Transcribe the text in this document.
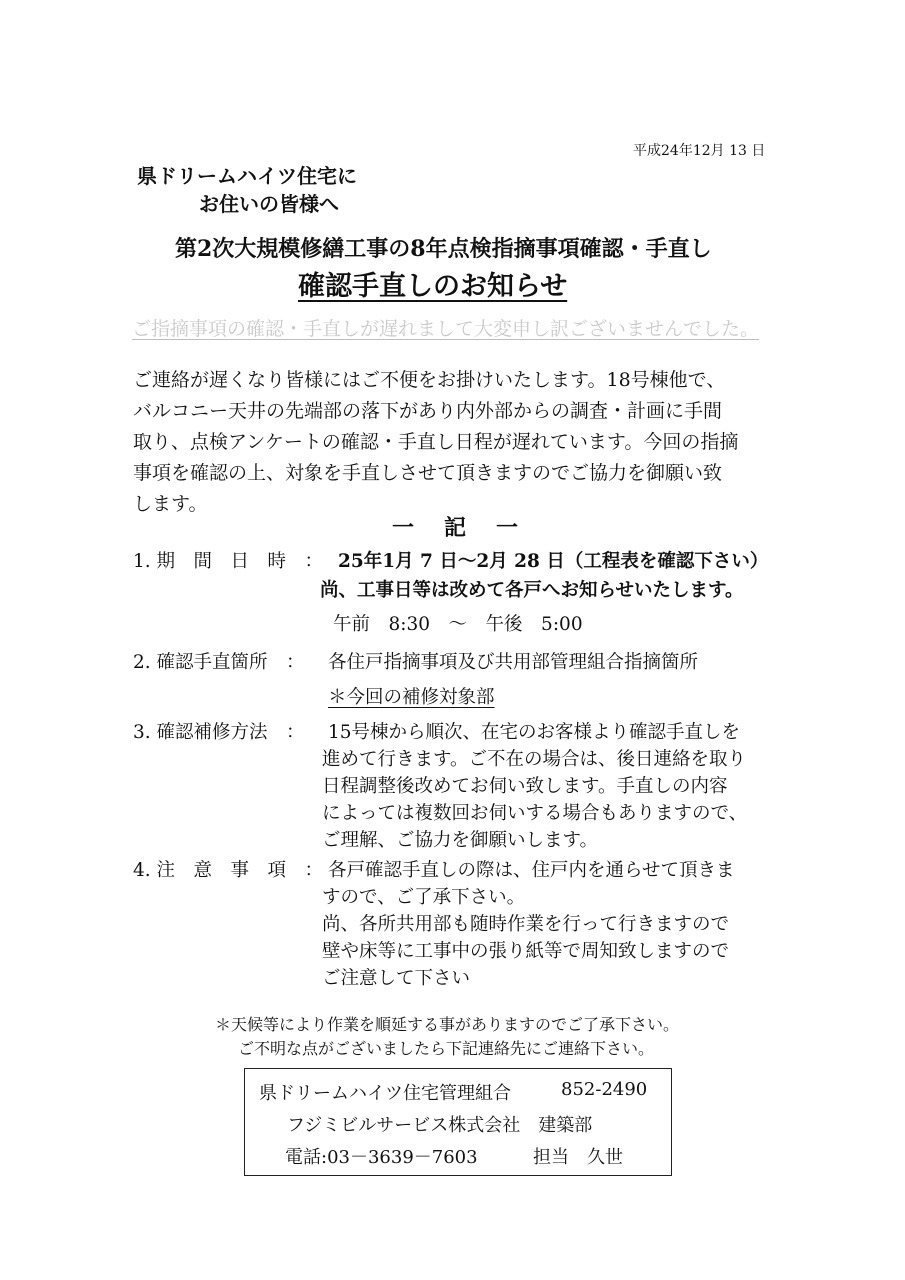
平成24年12月 13 日
県ドリームハイツ住宅に
お住いの皆様へ
第2次大規模修繕工事の8年点検指摘事項確認・手直し
確認手直しのお知らせ
ご指摘事項の確認・手直しが遅れまして大変申し訳ございませんでした。
ご連絡が遅くなり皆様にはご不便をお掛けいたします。18号棟他で、
バルコニー天井の先端部の落下があり内外部からの調査・計画に手間
取り、点検アンケートの確認・手直し日程が遅れています。今回の指摘
事項を確認の上、対象を手直しさせて頂きますのでご協力を御願い致
します。
一　記　一
1. 期　間　日　時　： 25年1月 7 日～2月 28 日（工程表を確認下さい）
尚、工事日等は改めて各戸へお知らせいたします。
午前　8:30　～　午後　5:00
2. 確認手直箇所　： 各住戸指摘事項及び共用部管理組合指摘箇所
＊今回の補修対象部
3. 確認補修方法　： 15号棟から順次、在宅のお客様より確認手直しを
進めて行きます。ご不在の場合は、後日連絡を取り
日程調整後改めてお伺い致します。手直しの内容
によっては複数回お伺いする場合もありますので、
ご理解、ご協力を御願いします。
4. 注　意　事　項　： 各戸確認手直しの際は、住戸内を通らせて頂きま
すので、ご了承下さい。
尚、各所共用部も随時作業を行って行きますので
壁や床等に工事中の張り紙等で周知致しますので
ご注意して下さい
＊天候等により作業を順延する事がありますのでご了承下さい。
ご不明な点がございましたら下記連絡先にご連絡下さい。
県ドリームハイツ住宅管理組合	852-2490
フジミビルサービス株式会社　建築部
電話:03－3639－7603	担当　久世
